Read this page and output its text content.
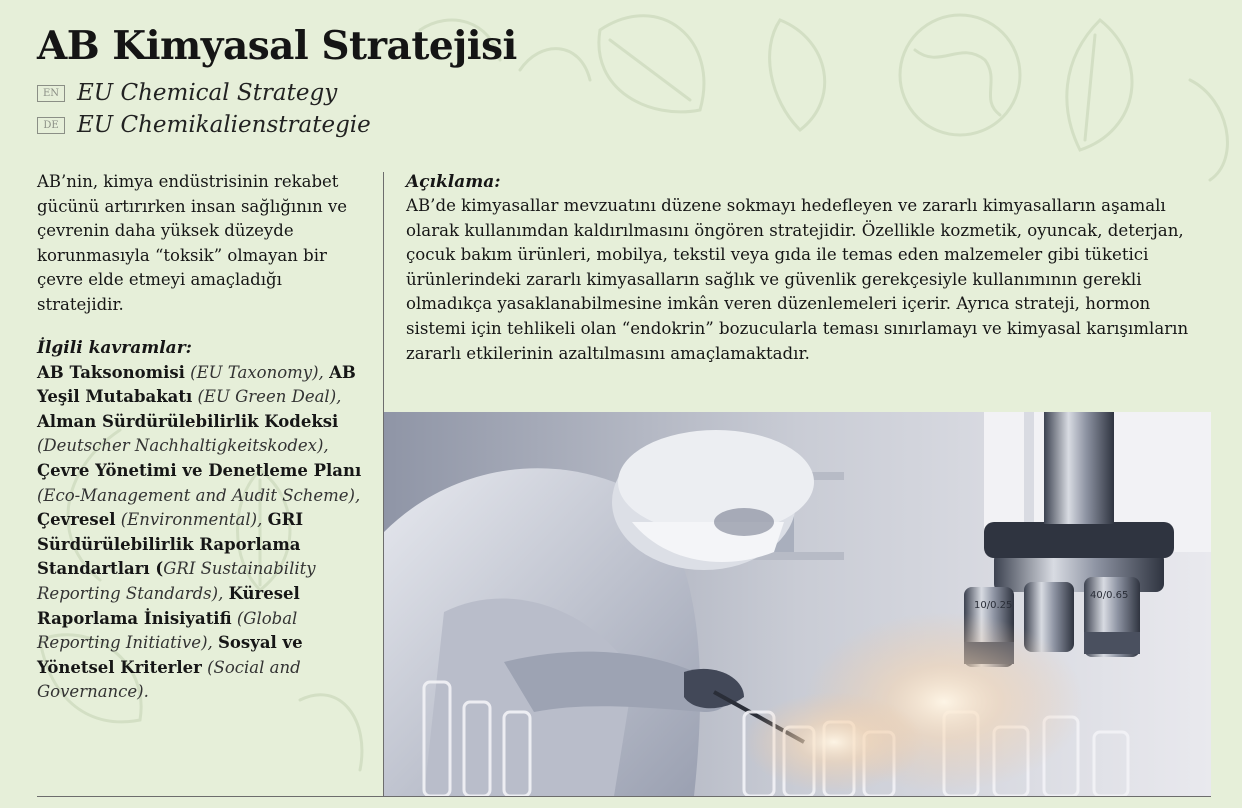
AB Kimyasal Stratejisi
EN EU Chemical Strategy
DE EU Chemikalienstrategie

AB’nin, kimya endüstrisinin rekabet gücünü artırırken insan sağlığının ve çevrenin daha yüksek düzeyde korunmasıyla “toksik” olmayan bir çevre elde etmeyi amaçladığı stratejidir.

İlgili kavramlar:

AB Taksonomisi (EU Taxonomy), AB Yeşil Mutabakatı (EU Green Deal), Alman Sürdürülebilirlik Kodeksi (Deutscher Nachhaltigkeitskodex), Çevre Yönetimi ve Denetleme Planı (Eco-Management and Audit Scheme), Çevresel (Environmental), GRI Sürdürülebilirlik Raporlama Standartları (GRI Sustainability Reporting Standards), Küresel Raporlama İnisiyatifi (Global Reporting Initiative), Sosyal ve Yönetsel Kriterler (Social and Governance).

Açıklama:

AB’de kimyasallar mevzuatını düzene sokmayı hedefleyen ve zararlı kimyasalların aşamalı olarak kullanımdan kaldırılmasını öngören stratejidir. Özellikle kozmetik, oyuncak, deterjan, çocuk bakım ürünleri, mobilya, tekstil veya gıda ile temas eden malzemeler gibi tüketici ürünlerindeki zararlı kimyasalların sağlık ve güvenlik gerekçesiyle kullanımının gerekli olmadıkça yasaklanabilmesine imkân veren düzenlemeleri içerir. Ayrıca strateji, hormon sistemi için tehlikeli olan “endokrin” bozucularla teması sınırlamayı ve kimyasal karışımların zararlı etkilerinin azaltılmasını amaçlamaktadır.

10/0.25
40/0.65
